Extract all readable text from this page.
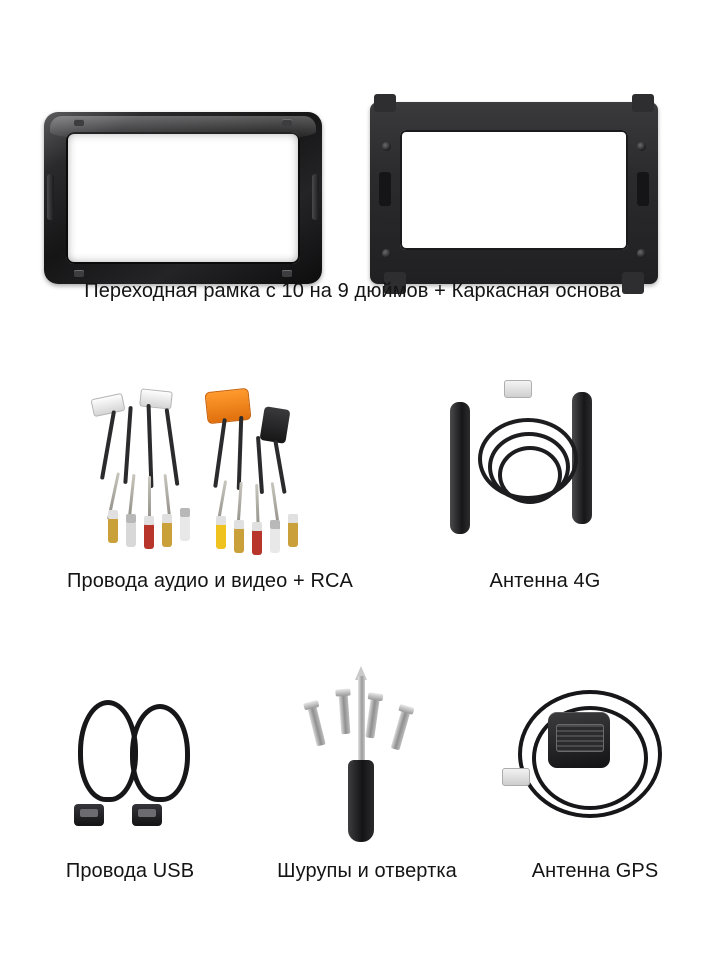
Переходная рамка с 10 на 9 дюймов + Каркасная основа
Провода аудио и видео + RCA	Антенна 4G
Провода USB	Шурупы и отвертка	Антенна GPS
